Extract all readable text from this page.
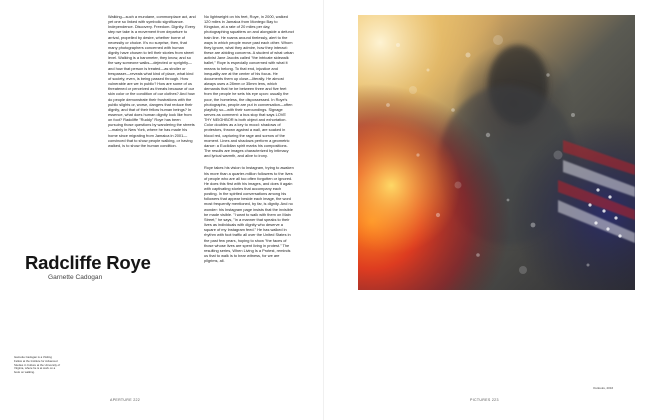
Walking—such a mundane, commonplace act, and yet one so linked with symbolic significance. Independence. Discovery. Freedom. Dignity. Every step we take is a movement from departure to arrival, propelled by desire, whether borne of necessity or choice. It's no surprise, then, that many photographers concerned with human dignity have chosen to tell their stories from street level. Walking is a barometer, they know, and so the way someone walks—dejected or sprightly—and how that person is treated—as stroller or trespasser—reveals what kind of place, what kind of society, even, is being passed through. How vulnerable are we in public? How are some of us threatened or perceived as threats because of our skin color or the condition of our clothes? And how do people demonstrate their frustrations with the public slights or, worse, dangers that reduce their dignity, and that of their fellow human beings? In essence, what does human dignity look like from on foot? Radcliffe "Ruddy" Roye has been pursuing those questions by wandering the streets—mainly in New York, where he has made his home since migrating from Jamaica in 2001—convinced that to show people walking, or having walked, is to show the human condition.

No lightweight on his feet, Roye, in 2000, walked 120 miles in Jamaica from Montego Bay to Kingston, at a rate of 20 miles per day, photographing squatters on and alongside a defunct train line. He roams around tirelessly, alert to the ways in which people move past each other. Whom they ignore, what they admire, how they interact: these are abiding concerns. A student of what urban activist Jane Jacobs called "the intricate sidewalk ballet," Roye is especially concerned with what it means to belong. To that end, injustice and inequality are at the center of his focus. He documents them up close—literally. He almost always uses a 28mm or 35mm lens, which demands that he be between three and five feet from the people he sets his eye upon: usually the poor, the homeless, the dispossessed. In Roye's photographs, people are put in conversation—often playfully so—with their surroundings. Signage serves as comment: a bus stop that says LOVE THY NEIGHBOR is both object and exhortation. Color doubles as a key to mood: shadows of protestors, thrown against a wall, are soaked in blood red, capturing the rage and sorrow of the moment. Lines and shadows perform a geometric dance: a Euclidian spirit marks his compositions. The results are images characterized by intimacy and lyrical warmth, and alive to irony.

Roye takes his vision to Instagram, trying to awaken his more than a quarter-million followers to the lives of people who are all too often forgotten or ignored. He does this first with his images, and does it again with captivating stories that accompany each posting. In the spirited conversations among his followers that appear beside each image, the word most frequently mentioned, by far, is dignity. And no wonder: his Instagram page insists that the invisible be made visible. "I want to walk with them on Main Street," he says, "in a manner that speaks to their lives as individuals with dignity who deserve a square of my Instagram feed." He has walked in rhythm with foot traffic all over the United States in the past few years, hoping to show "the faces of those whose lives are spent living in protest." The resulting series, When Living Is a Protest, reminds us that to walk is to bear witness, for we are pilgrims, all.

Radcliffe Roye
Garnette Cadogan
Garnette Cadogan is a Visiting Fellow at the Institute for Advanced Studies in Culture at the University of Virginia, where he is at work on a book on walking.
APERTURE 222	PICTURES 223
Outlooks, 2016
